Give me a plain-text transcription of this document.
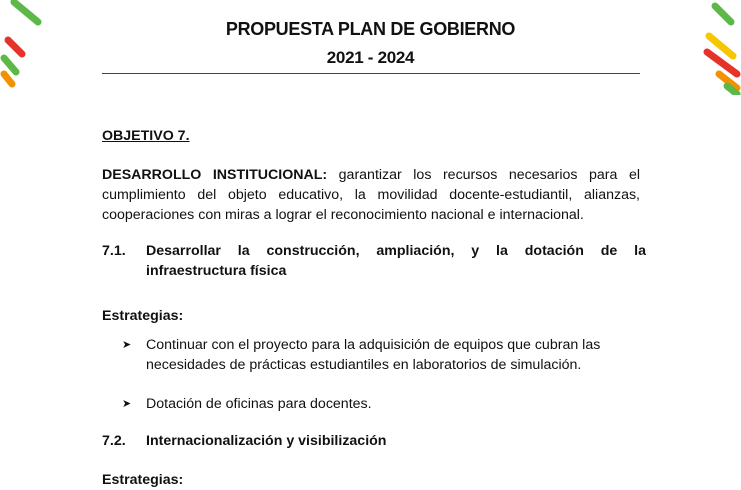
PROPUESTA PLAN DE GOBIERNO
2021 - 2024
OBJETIVO 7.
DESARROLLO INSTITUCIONAL: garantizar los recursos necesarios para el cumplimiento del objeto educativo, la movilidad docente-estudiantil, alianzas, cooperaciones con miras a lograr el reconocimiento nacional e internacional.
7.1. Desarrollar la construcción, ampliación, y la dotación de la infraestructura física
Estrategias:
➤ Continuar con el proyecto para la adquisición de equipos que cubran las necesidades de prácticas estudiantiles en laboratorios de simulación.
➤ Dotación de oficinas para docentes.
7.2. Internacionalización y visibilización
Estrategias:
